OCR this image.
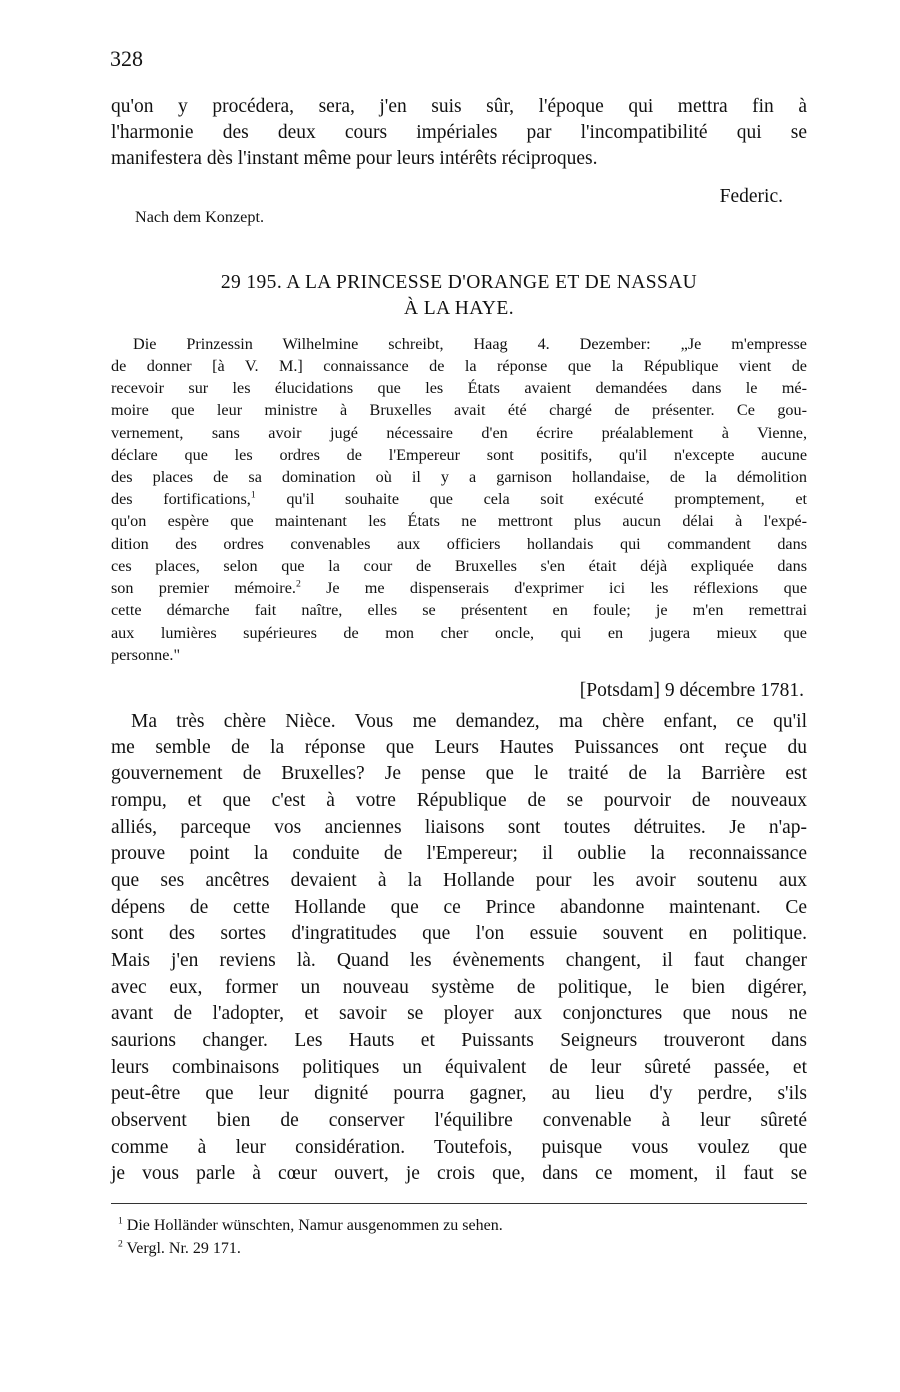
328
qu'on y procédera, sera, j'en suis sûr, l'époque qui mettra fin à
l'harmonie des deux cours impériales par l'incompatibilité qui se
manifestera dès l'instant même pour leurs intérêts réciproques.
Federic.
Nach dem Konzept.
29 195. A LA PRINCESSE D'ORANGE ET DE NASSAU
À LA HAYE.
Die Prinzessin Wilhelmine schreibt, Haag 4. Dezember: „Je m'empresse
de donner [à V. M.] connaissance de la réponse que la République vient de
recevoir sur les élucidations que les États avaient demandées dans le mé-
moire que leur ministre à Bruxelles avait été chargé de présenter. Ce gou-
vernement, sans avoir jugé nécessaire d'en écrire préalablement à Vienne,
déclare que les ordres de l'Empereur sont positifs, qu'il n'excepte aucune
des places de sa domination où il y a garnison hollandaise, de la démolition
des fortifications,$^1$ qu'il souhaite que cela soit exécuté promptement, et
qu'on espère que maintenant les États ne mettront plus aucun délai à l'expé-
dition des ordres convenables aux officiers hollandais qui commandent dans
ces places, selon que la cour de Bruxelles s'en était déjà expliquée dans
son premier mémoire.$^2$ Je me dispenserais d'exprimer ici les réflexions que
cette démarche fait naître, elles se présentent en foule; je m'en remettrai
aux lumières supérieures de mon cher oncle, qui en jugera mieux que
personne."
[Potsdam] 9 décembre 1781.
Ma très chère Nièce. Vous me demandez, ma chère enfant, ce qu'il
me semble de la réponse que Leurs Hautes Puissances ont reçue du
gouvernement de Bruxelles? Je pense que le traité de la Barrière est
rompu, et que c'est à votre République de se pourvoir de nouveaux
alliés, parceque vos anciennes liaisons sont toutes détruites. Je n'ap-
prouve point la conduite de l'Empereur; il oublie la reconnaissance
que ses ancêtres devaient à la Hollande pour les avoir soutenu aux
dépens de cette Hollande que ce Prince abandonne maintenant. Ce
sont des sortes d'ingratitudes que l'on essuie souvent en politique.
Mais j'en reviens là. Quand les évènements changent, il faut changer
avec eux, former un nouveau système de politique, le bien digérer,
avant de l'adopter, et savoir se ployer aux conjonctures que nous ne
saurions changer. Les Hauts et Puissants Seigneurs trouveront dans
leurs combinaisons politiques un équivalent de leur sûreté passée, et
peut-être que leur dignité pourra gagner, au lieu d'y perdre, s'ils
observent bien de conserver l'équilibre convenable à leur sûreté
comme à leur considération. Toutefois, puisque vous voulez que
je vous parle à cœur ouvert, je crois que, dans ce moment, il faut se
$^1$ Die Holländer wünschten, Namur ausgenommen zu sehen.
$^2$ Vergl. Nr. 29 171.
